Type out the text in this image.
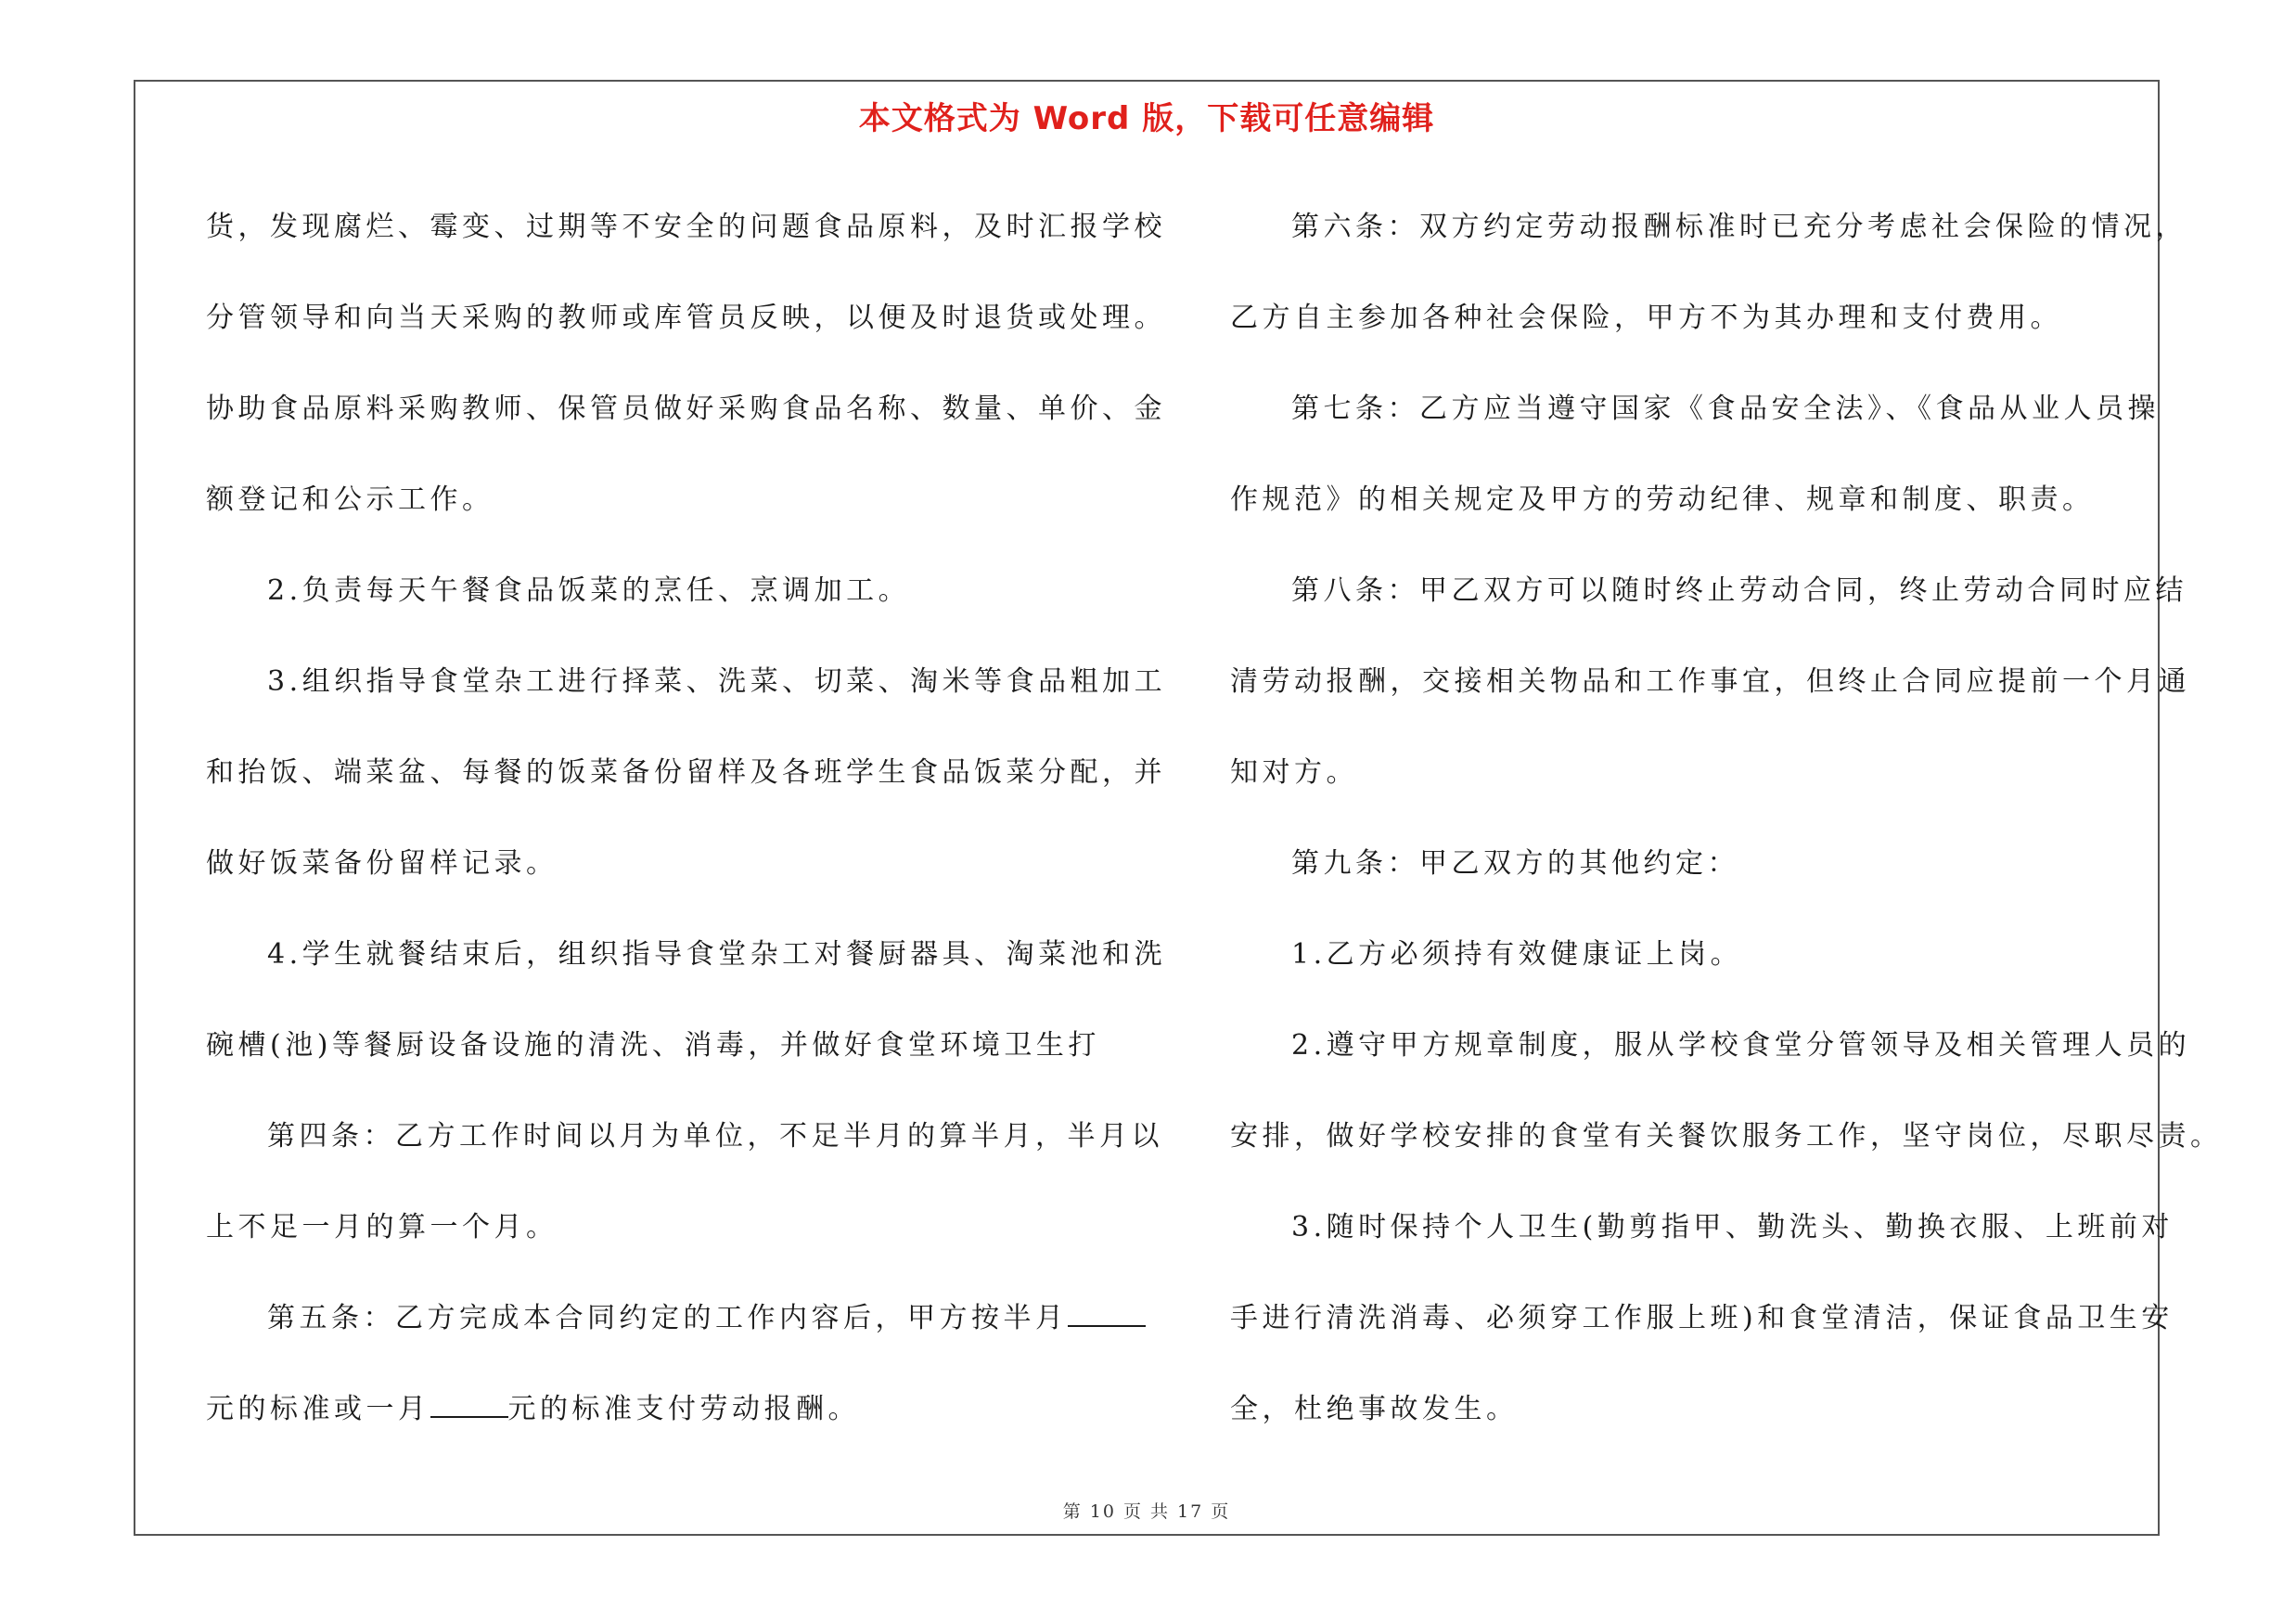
本文格式为 Word 版，下载可任意编辑

货，发现腐烂、霉变、过期等不安全的问题食品原料，及时汇报学校

分管领导和向当天采购的教师或库管员反映，以便及时退货或处理。

协助食品原料采购教师、保管员做好采购食品名称、数量、单价、金

额登记和公示工作。

2.负责每天午餐食品饭菜的烹任、烹调加工。

3.组织指导食堂杂工进行择菜、洗菜、切菜、淘米等食品粗加工

和抬饭、端菜盆、每餐的饭菜备份留样及各班学生食品饭菜分配，并

做好饭菜备份留样记录。

4.学生就餐结束后，组织指导食堂杂工对餐厨器具、淘菜池和洗

碗槽(池)等餐厨设备设施的清洗、消毒，并做好食堂环境卫生打

第四条：乙方工作时间以月为单位，不足半月的算半月，半月以

上不足一月的算一个月。

第五条：乙方完成本合同约定的工作内容后，甲方按半月

元的标准或一月	元的标准支付劳动报酬。

第六条：双方约定劳动报酬标准时已充分考虑社会保险的情况，

乙方自主参加各种社会保险，甲方不为其办理和支付费用。

第七条：乙方应当遵守国家《食品安全法》、《食品从业人员操

作规范》的相关规定及甲方的劳动纪律、规章和制度、职责。

第八条：甲乙双方可以随时终止劳动合同，终止劳动合同时应结

清劳动报酬，交接相关物品和工作事宜，但终止合同应提前一个月通

知对方。

第九条：甲乙双方的其他约定：

1.乙方必须持有效健康证上岗。

2.遵守甲方规章制度，服从学校食堂分管领导及相关管理人员的

安排，做好学校安排的食堂有关餐饮服务工作，坚守岗位，尽职尽责。

3.随时保持个人卫生(勤剪指甲、勤洗头、勤换衣服、上班前对

手进行清洗消毒、必须穿工作服上班)和食堂清洁，保证食品卫生安

全，杜绝事故发生。

第 10 页 共 17 页
